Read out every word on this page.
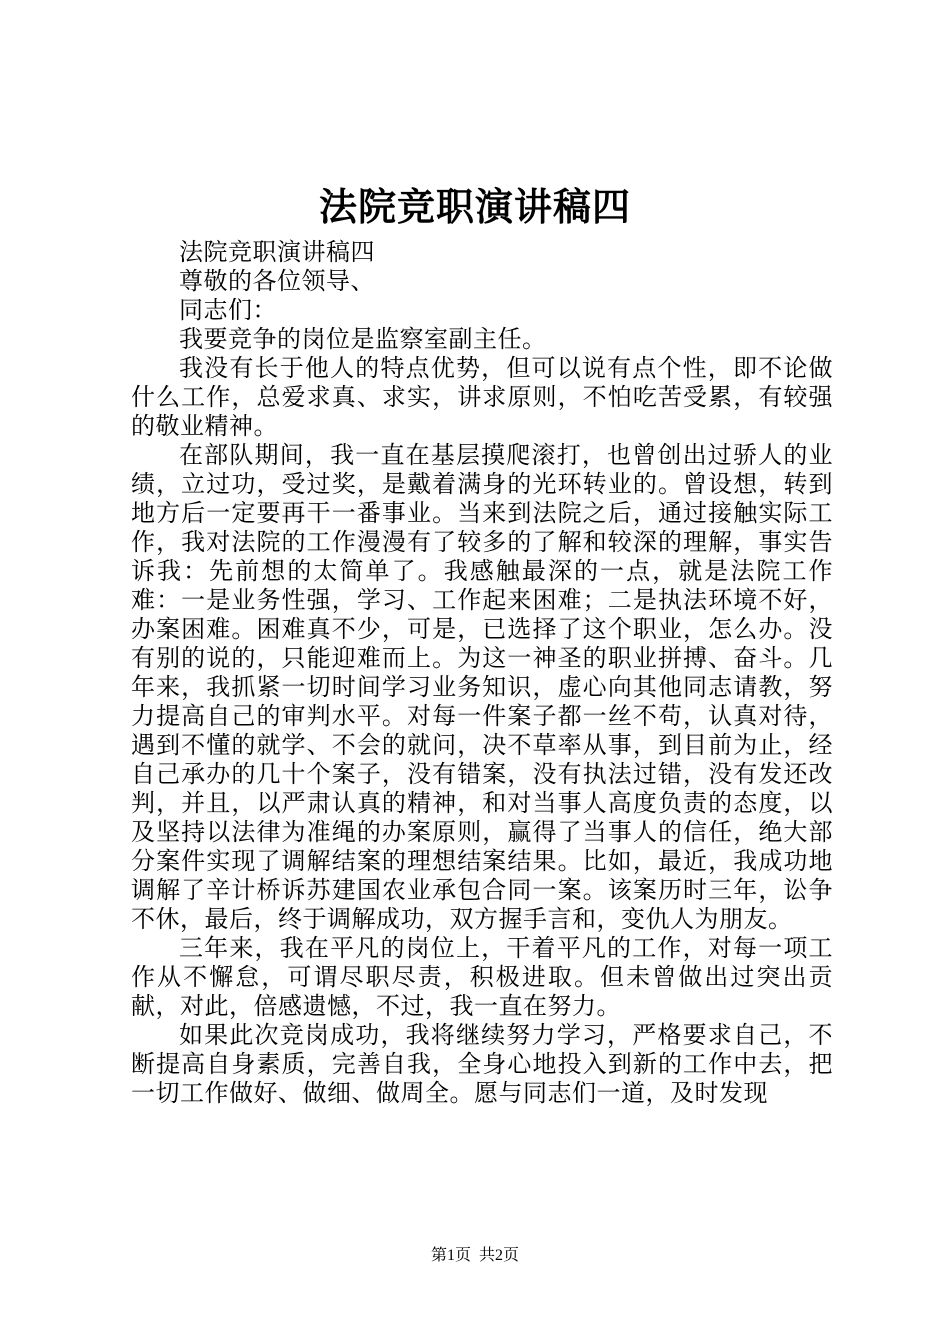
法院竞职演讲稿四

法院竞职演讲稿四

尊敬的各位领导、

同志们：

我要竞争的岗位是监察室副主任。

我没有长于他人的特点优势，但可以说有点个性，即不论做什么工作，总爱求真、求实，讲求原则，不怕吃苦受累，有较强的敬业精神。

在部队期间，我一直在基层摸爬滚打，也曾创出过骄人的业绩，立过功，受过奖，是戴着满身的光环转业的。曾设想，转到地方后一定要再干一番事业。当来到法院之后，通过接触实际工作，我对法院的工作漫漫有了较多的了解和较深的理解，事实告诉我：先前想的太简单了。我感触最深的一点，就是法院工作难：一是业务性强，学习、工作起来困难；二是执法环境不好，办案困难。困难真不少，可是，已选择了这个职业，怎么办。没有别的说的，只能迎难而上。为这一神圣的职业拼搏、奋斗。几年来，我抓紧一切时间学习业务知识，虚心向其他同志请教，努力提高自己的审判水平。对每一件案子都一丝不苟，认真对待，遇到不懂的就学、不会的就问，决不草率从事，到目前为止，经自己承办的几十个案子，没有错案，没有执法过错，没有发还改判，并且，以严肃认真的精神，和对当事人高度负责的态度，以及坚持以法律为准绳的办案原则，赢得了当事人的信任，绝大部分案件实现了调解结案的理想结案结果。比如，最近，我成功地调解了辛计桥诉苏建国农业承包合同一案。该案历时三年，讼争不休，最后，终于调解成功，双方握手言和，变仇人为朋友。

三年来，我在平凡的岗位上，干着平凡的工作，对每一项工作从不懈怠，可谓尽职尽责，积极进取。但未曾做出过突出贡献，对此，倍感遗憾，不过，我一直在努力。

如果此次竞岗成功，我将继续努力学习，严格要求自己，不断提高自身素质，完善自我，全身心地投入到新的工作中去，把一切工作做好、做细、做周全。愿与同志们一道，及时发现

第1页  共2页
